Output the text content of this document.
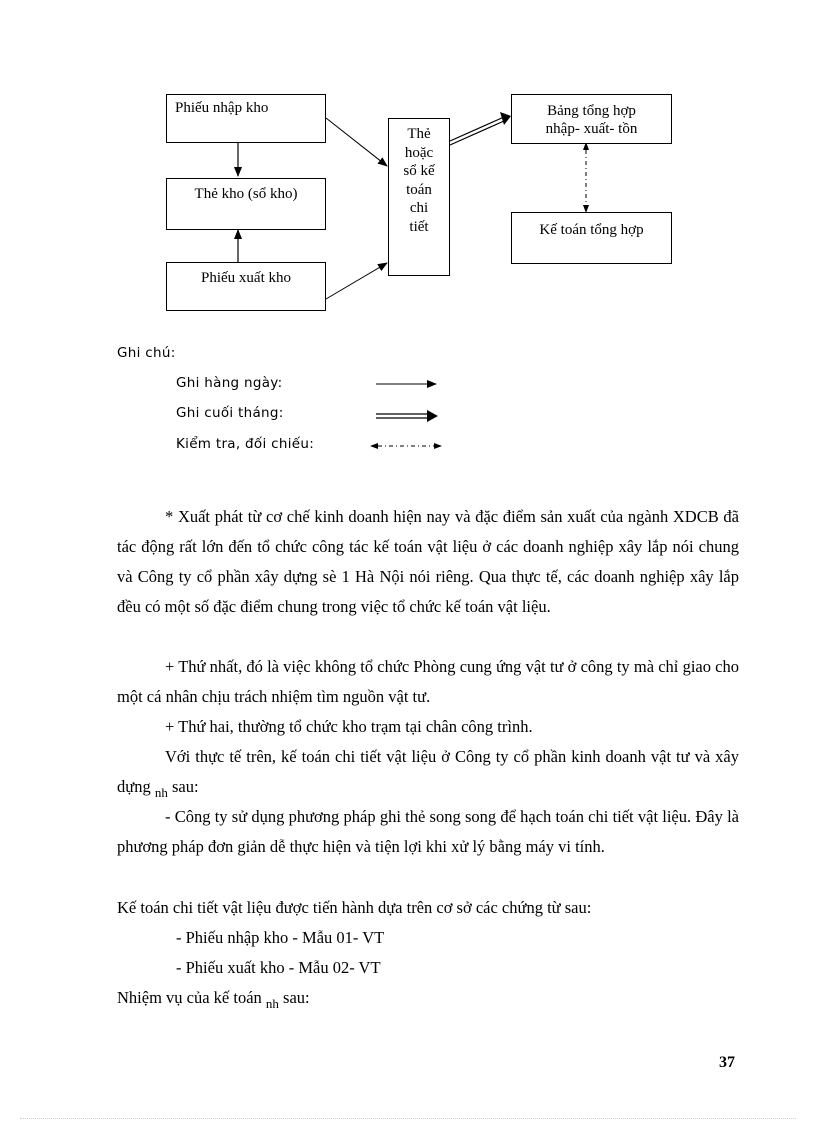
Phiếu nhập kho
Thẻ kho (sổ kho)
Phiếu xuất kho
Thẻ
hoặc
sổ kế
toán
chi
tiết
Bảng tổng hợp
nhập- xuất- tồn
Kế toán tổng hợp
Ghi chú:
Ghi hàng ngày:
Ghi cuối tháng:
Kiểm tra, đối chiếu:

* Xuất phát từ cơ chế kinh doanh hiện nay và đặc điểm sản xuất của ngành XDCB đã tác động rất lớn đến tổ chức công tác kế toán vật liệu ở các doanh nghiệp xây lắp nói chung và Công ty cổ phần xây dựng sè 1 Hà Nội nói riêng. Qua thực tế, các doanh nghiệp xây lắp đều có một số đặc điểm chung trong việc tổ chức kế toán vật liệu.

+ Thứ nhất, đó là việc không tổ chức Phòng cung ứng vật tư ở công ty mà chỉ giao cho một cá nhân chịu trách nhiệm tìm nguồn vật tư.

+ Thứ hai, thường tổ chức kho trạm tại chân công trình.

Với thực tế trên, kế toán chi tiết vật liệu ở Công ty cổ phần kinh doanh vật tư và xây dựng $_{nh}$ sau:

- Công ty sử dụng phương pháp ghi thẻ song song để hạch toán chi tiết vật liệu. Đây là phương pháp đơn giản dễ thực hiện và tiện lợi khi xử lý bằng máy vi tính.

Kế toán chi tiết vật liệu được tiến hành dựa trên cơ sở các chứng từ sau:
- Phiếu nhập kho - Mẫu 01- VT
- Phiếu xuất kho - Mẫu 02- VT
Nhiệm vụ của kế toán $_{nh}$ sau:
37
